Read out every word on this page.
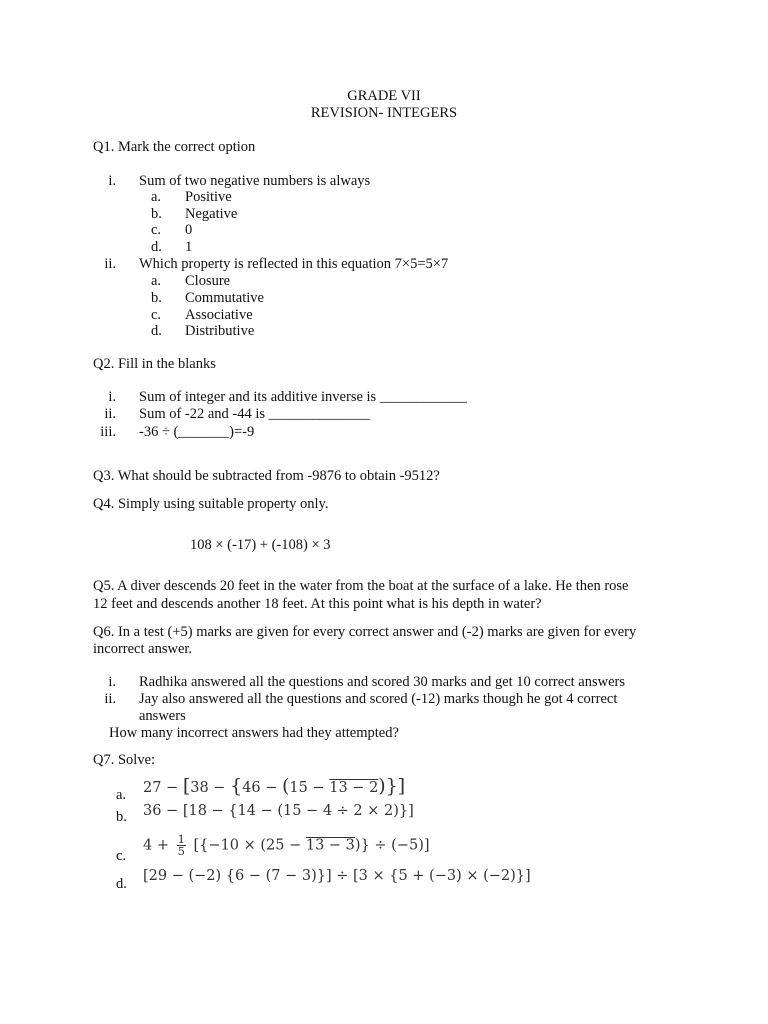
GRADE VII
REVISION- INTEGERS
Q1. Mark the correct option
i. Sum of two negative numbers is always
a. Positive
b. Negative
c. 0
d. 1
ii. Which property is reflected in this equation 7×5=5×7
a. Closure
b. Commutative
c. Associative
d. Distributive
Q2. Fill in the blanks
i. Sum of integer and its additive inverse is ____________
ii. Sum of -22 and -44 is ______________
iii. -36 ÷ (_______)=-9
Q3. What should be subtracted from -9876 to obtain -9512?
Q4. Simply using suitable property only.
108 × (-17) + (-108) × 3
Q5. A diver descends 20 feet in the water from the boat at the surface of a lake. He then rose
12 feet and descends another 18 feet. At this point what is his depth in water?
Q6. In a test (+5) marks are given for every correct answer and (-2) marks are given for every
incorrect answer.
i. Radhika answered all the questions and scored 30 marks and get 10 correct answers
ii. Jay also answered all the questions and scored (-12) marks though he got 4 correct
answers
How many incorrect answers had they attempted?
Q7. Solve:
a. 27 − [38 − {46 − (15 − 13 − 2)}]
b. 36 − [18 − {14 − (15 − 4 ÷ 2 × 2)}]
c.
$4 + \frac{1}{5} [\{-10 \times (25 - 13 - 3)\} \div (-5)]$
d. [29 − (−2) {6 − (7 − 3)}] ÷ [3 × {5 + (−3) × (−2)}]
